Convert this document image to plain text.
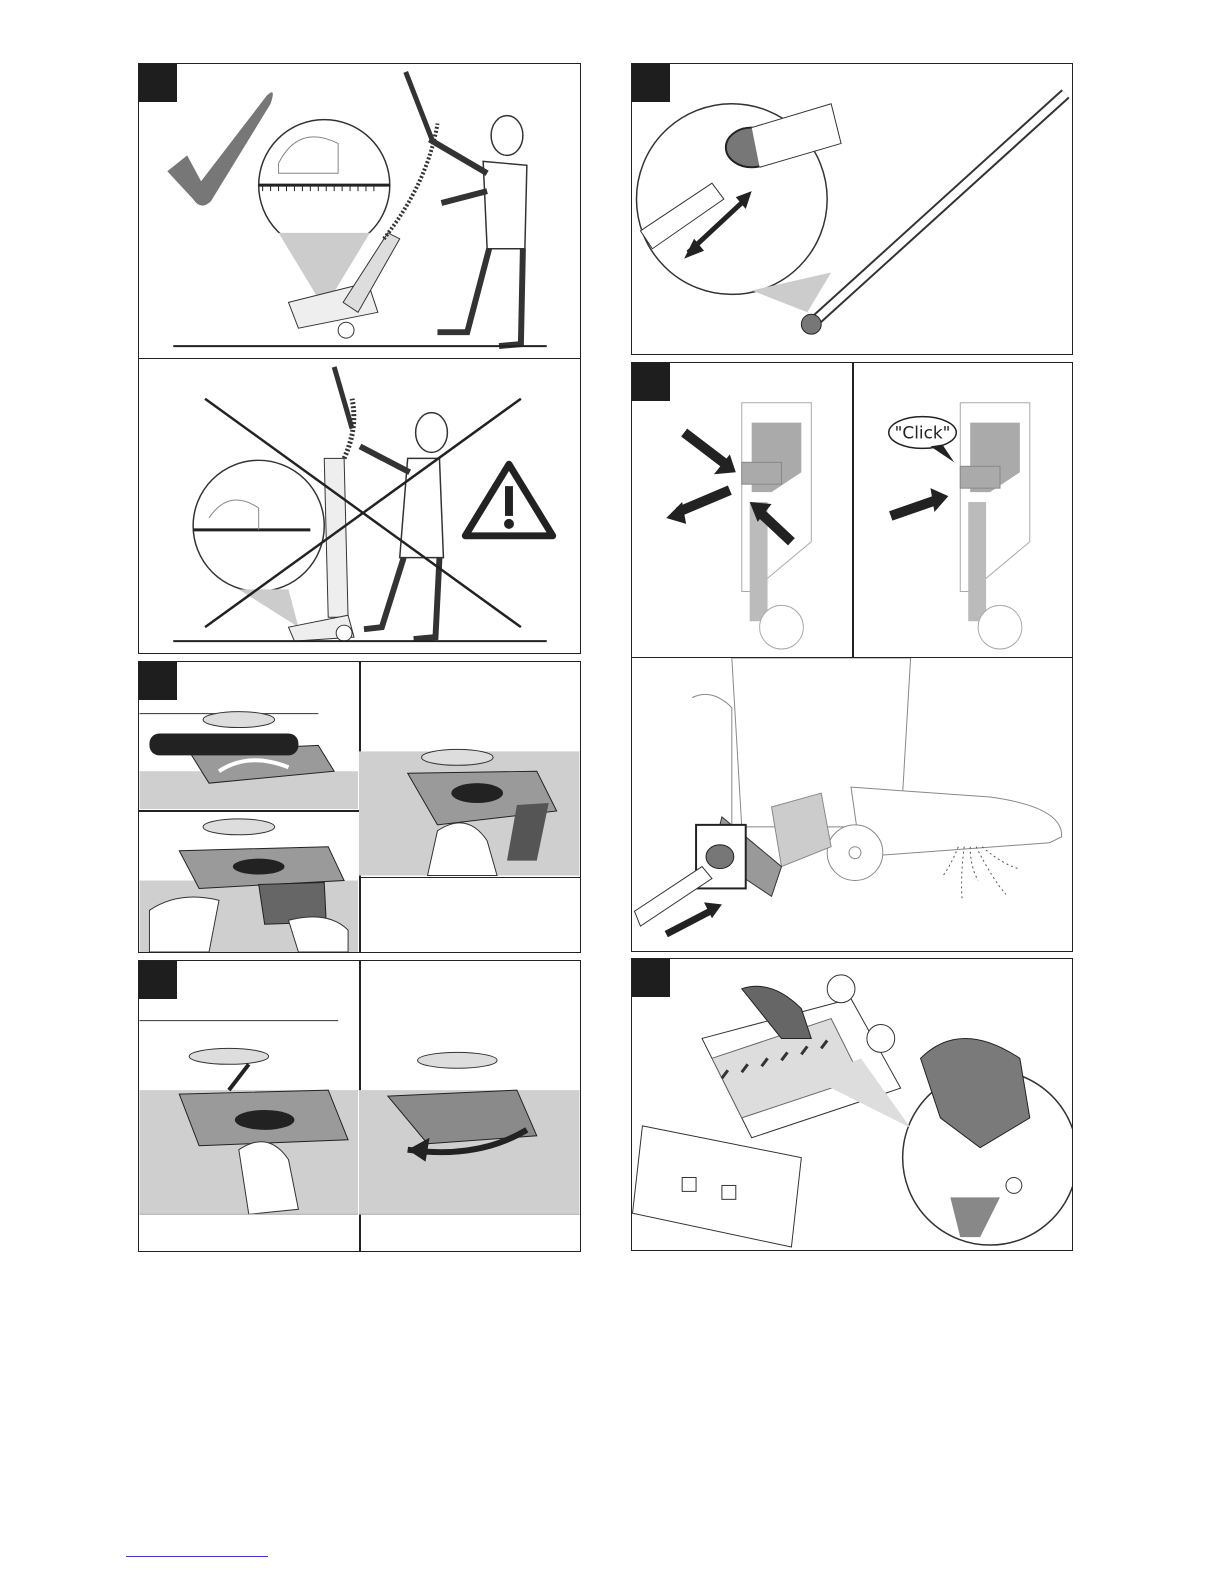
"Click"
